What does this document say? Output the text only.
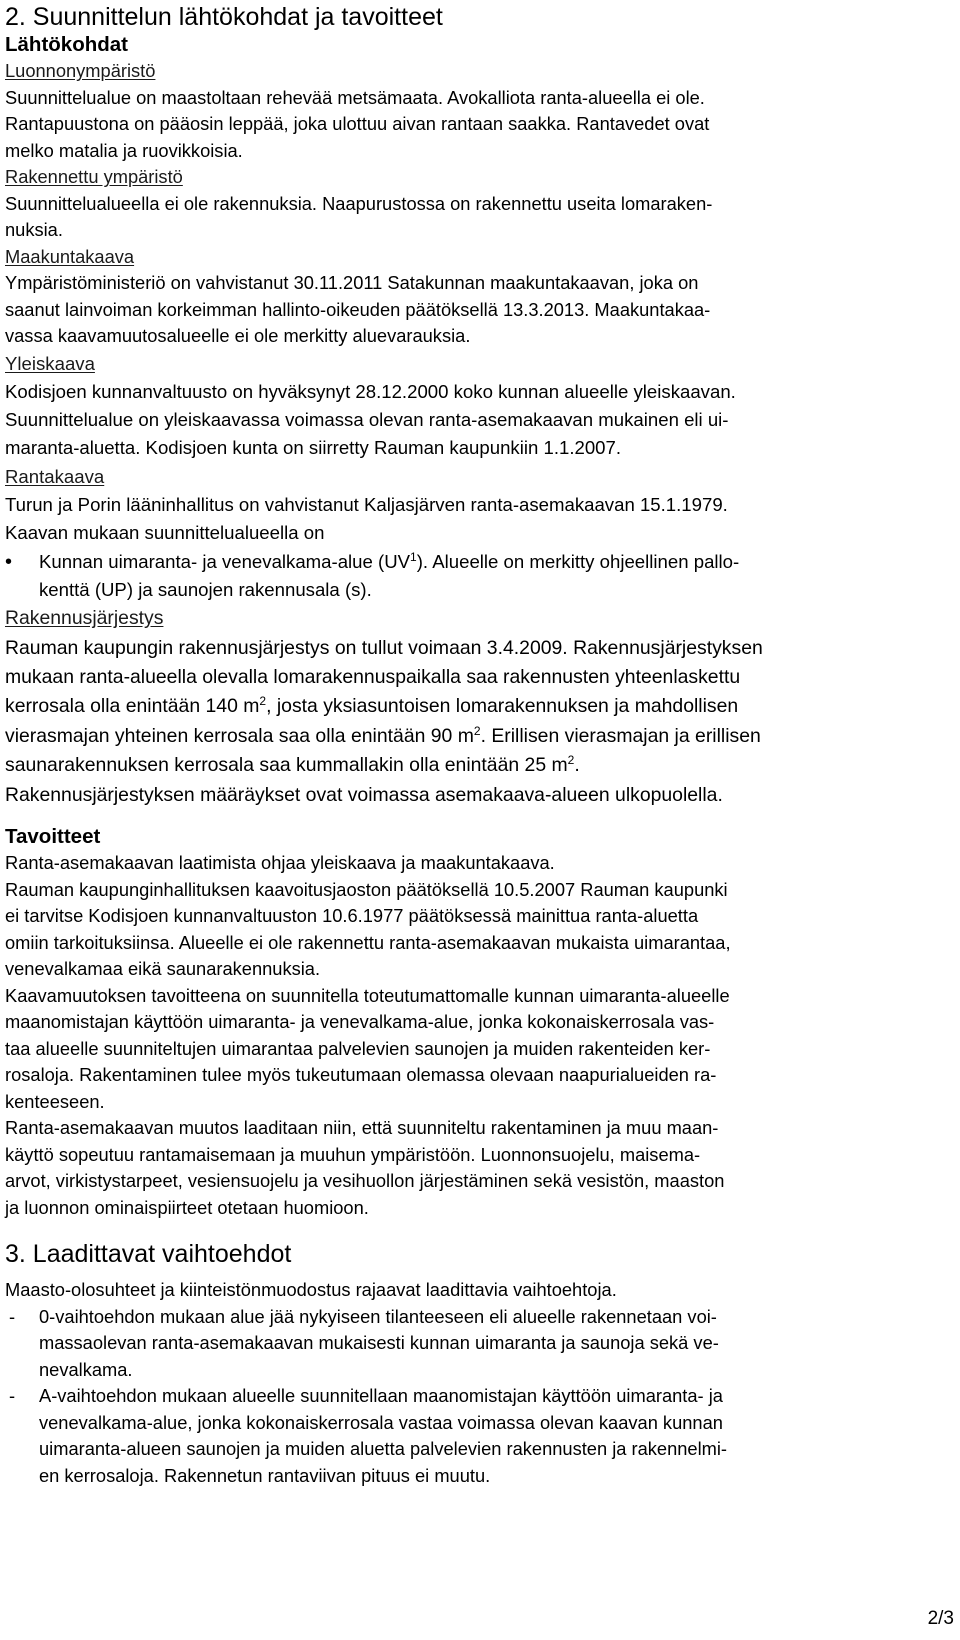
2. Suunnittelun lähtökohdat ja tavoitteet
Lähtökohdat
Luonnonympäristö
Suunnittelualue on maastoltaan rehevää metsämaata. Avokalliota ranta-alueella ei ole.
Rantapuustona on pääosin leppää, joka ulottuu aivan rantaan saakka. Rantavedet ovat
melko matalia ja ruovikkoisia.
Rakennettu ympäristö
Suunnittelualueella ei ole rakennuksia. Naapurustossa on rakennettu useita lomaraken-
nuksia.
Maakuntakaava
Ympäristöministeriö on vahvistanut 30.11.2011 Satakunnan maakuntakaavan, joka on
saanut lainvoiman korkeimman hallinto-oikeuden päätöksellä 13.3.2013. Maakuntakaa-
vassa kaavamuutosalueelle ei ole merkitty aluevarauksia.
Yleiskaava
Kodisjoen kunnanvaltuusto on hyväksynyt 28.12.2000 koko kunnan alueelle yleiskaavan.
Suunnittelualue on yleiskaavassa voimassa olevan ranta-asemakaavan mukainen eli ui-
maranta-aluetta. Kodisjoen kunta on siirretty Rauman kaupunkiin 1.1.2007.
Rantakaava
Turun ja Porin lääninhallitus on vahvistanut Kaljasjärven ranta-asemakaavan 15.1.1979.
Kaavan mukaan suunnittelualueella on
• Kunnan uimaranta- ja venevalkama-alue $(UV^1)$. Alueelle on merkitty ohjeellinen pallo-
kenttä (UP) ja saunojen rakennusala (s).
Rakennusjärjestys
Rauman kaupungin rakennusjärjestys on tullut voimaan 3.4.2009. Rakennusjärjestyksen
mukaan ranta-alueella olevalla lomarakennuspaikalla saa rakennusten yhteenlaskettu
kerrosala olla enintään 140 $m^2$, josta yksiasuntoisen lomarakennuksen ja mahdollisen
vierasmajan yhteinen kerrosala saa olla enintään 90 $m^2$. Erillisen vierasmajan ja erillisen
saunarakennuksen kerrosala saa kummallakin olla enintään 25 $m^2$.
Rakennusjärjestyksen määräykset ovat voimassa asemakaava-alueen ulkopuolella.
Tavoitteet
Ranta-asemakaavan laatimista ohjaa yleiskaava ja maakuntakaava.
Rauman kaupunginhallituksen kaavoitusjaoston päätöksellä 10.5.2007 Rauman kaupunki
ei tarvitse Kodisjoen kunnanvaltuuston 10.6.1977 päätöksessä mainittua ranta-aluetta
omiin tarkoituksiinsa. Alueelle ei ole rakennettu ranta-asemakaavan mukaista uimarantaa,
venevalkamaa eikä saunarakennuksia.
Kaavamuutoksen tavoitteena on suunnitella toteutumattomalle kunnan uimaranta-alueelle
maanomistajan käyttöön uimaranta- ja venevalkama-alue, jonka kokonaiskerrosala vas-
taa alueelle suunniteltujen uimarantaa palvelevien saunojen ja muiden rakenteiden ker-
rosaloja. Rakentaminen tulee myös tukeutumaan olemassa olevaan naapurialueiden ra-
kenteeseen.
Ranta-asemakaavan muutos laaditaan niin, että suunniteltu rakentaminen ja muu maan-
käyttö sopeutuu rantamaisemaan ja muuhun ympäristöön. Luonnonsuojelu, maisema-
arvot, virkistystarpeet, vesiensuojelu ja vesihuollon järjestäminen sekä vesistön, maaston
ja luonnon ominaispiirteet otetaan huomioon.
3. Laadittavat vaihtoehdot
Maasto-olosuhteet ja kiinteistönmuodostus rajaavat laadittavia vaihtoehtoja.
- 0-vaihtoehdon mukaan alue jää nykyiseen tilanteeseen eli alueelle rakennetaan voi-
massaolevan ranta-asemakaavan mukaisesti kunnan uimaranta ja saunoja sekä ve-
nevalkama.
- A-vaihtoehdon mukaan alueelle suunnitellaan maanomistajan käyttöön uimaranta- ja
venevalkama-alue, jonka kokonaiskerrosala vastaa voimassa olevan kaavan kunnan
uimaranta-alueen saunojen ja muiden aluetta palvelevien rakennusten ja rakennelmi-
en kerrosaloja. Rakennetun rantaviivan pituus ei muutu.
2/3
